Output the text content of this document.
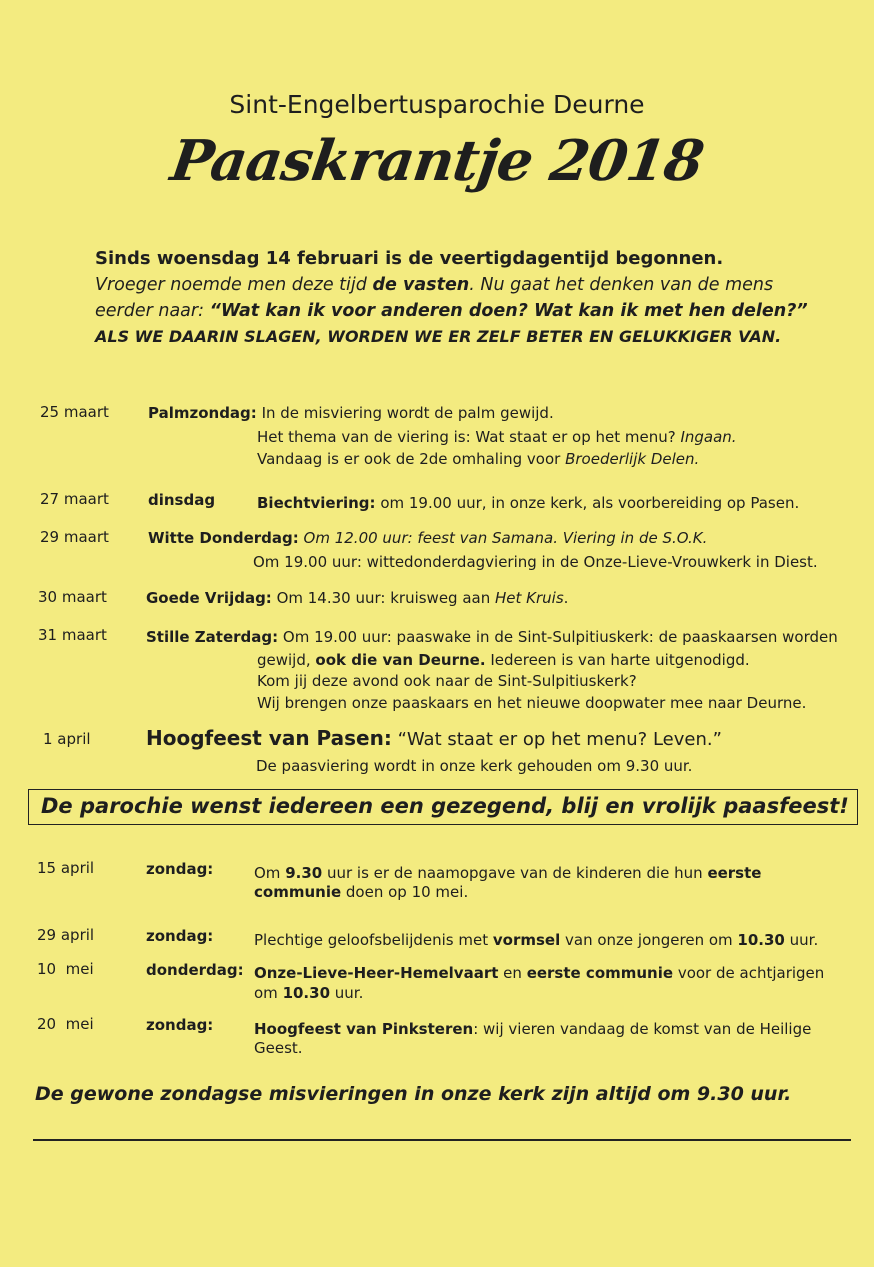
Sint-Engelbertusparochie Deurne
Paaskrantje 2018
Sinds woensdag 14 februari is de veertigdagentijd begonnen.
Vroeger noemde men deze tijd de vasten. Nu gaat het denken van de mens
eerder naar: “Wat kan ik voor anderen doen? Wat kan ik met hen delen?”
ALS WE DAARIN SLAGEN, WORDEN WE ER ZELF BETER EN GELUKKIGER VAN.
25 maart	Palmzondag: In de misviering wordt de palm gewijd.
Het thema van de viering is: Wat staat er op het menu? Ingaan.
Vandaag is er ook de 2de omhaling voor Broederlijk Delen.
27 maart	dinsdag	Biechtviering: om 19.00 uur, in onze kerk, als voorbereiding op Pasen.
29 maart	Witte Donderdag: Om 12.00 uur: feest van Samana. Viering in de S.O.K.
Om 19.00 uur: wittedonderdagviering in de Onze-Lieve-Vrouwkerk in Diest.
30 maart	Goede Vrijdag: Om 14.30 uur: kruisweg aan Het Kruis.
31 maart	Stille Zaterdag: Om 19.00 uur: paaswake in de Sint-Sulpitiuskerk: de paaskaarsen worden
gewijd, ook die van Deurne. Iedereen is van harte uitgenodigd.
Kom jij deze avond ook naar de Sint-Sulpitiuskerk?
Wij brengen onze paaskaars en het nieuwe doopwater mee naar Deurne.
1 april	Hoogfeest van Pasen: “Wat staat er op het menu? Leven.”
De paasviering wordt in onze kerk gehouden om 9.30 uur.
De parochie wenst iedereen een gezegend, blij en vrolijk paasfeest!
15 april	zondag:	Om 9.30 uur is er de naamopgave van de kinderen die hun eerste
communie doen op 10 mei.
29 april	zondag:	Plechtige geloofsbelijdenis met vormsel van onze jongeren om 10.30 uur.
10  mei	donderdag: Onze-Lieve-Heer-Hemelvaart en eerste communie voor de achtjarigen
om 10.30 uur.
20  mei	zondag:	Hoogfeest van Pinksteren: wij vieren vandaag de komst van de Heilige
Geest.
De gewone zondagse misvieringen in onze kerk zijn altijd om 9.30 uur.
